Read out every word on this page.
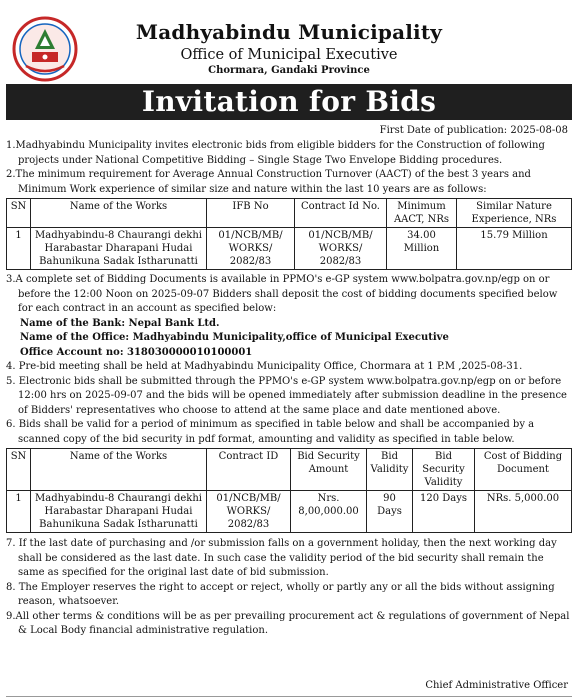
Madhyabindu Municipality
Office of Municipal Executive
Chormara, Gandaki Province
Invitation for Bids
First Date of publication: 2025-08-08

1.Madhyabindu Municipality invites electronic bids from eligible bidders for the Construction of following projects under National Competitive Bidding – Single Stage Two Envelope Bidding procedures.

2.The minimum requirement for Average Annual Construction Turnover (AACT) of the best 3 years and Minimum Work experience of similar size and nature within the last 10 years are as follows:

SN	Name of the Works	IFB No	Contract Id No.	Minimum AACT, NRs	Similar Nature Experience, NRs
1	Madhyabindu-8 Chaurangi dekhi Harabastar Dharapani Hudai Bahunikuna Sadak Istharunatti	01/NCB/MB/ WORKS/ 2082/83	01/NCB/MB/ WORKS/ 2082/83	34.00 Million	15.79 Million

3.A complete set of Bidding Documents is available in PPMO's e-GP system www.bolpatra.gov.np/egp on or before the 12:00 Noon on 2025-09-07 Bidders shall deposit the cost of bidding documents specified below for each contract in an account as specified below:

Name of the Bank: Nepal Bank Ltd.

Name of the Office: Madhyabindu Municipality,office of Municipal Executive

Office Account no: 318030000010100001

4. Pre-bid meeting shall be held at Madhyabindu Municipality Office, Chormara at 1 P.M ,2025-08-31.

5. Electronic bids shall be submitted through the PPMO's e-GP system www.bolpatra.gov.np/egp on or before 12:00 hrs on 2025-09-07 and the bids will be opened immediately after submission deadline in the presence of Bidders' representatives who choose to attend at the same place and date mentioned above.

6. Bids shall be valid for a period of minimum as specified in table below and shall be accompanied by a scanned copy of the bid security in pdf format, amounting and validity as specified in table below.

SN	Name of the Works	Contract ID	Bid Security Amount	Bid Validity	Bid Security Validity	Cost of Bidding Document
1	Madhyabindu-8 Chaurangi dekhi Harabastar Dharapani Hudai Bahunikuna Sadak Istharunatti	01/NCB/MB/ WORKS/ 2082/83	Nrs. 8,00,000.00	90 Days	120 Days	NRs. 5,000.00

7. If the last date of purchasing and /or submission falls on a government holiday, then the next working day shall be considered as the last date. In such case the validity period of the bid security shall remain the same as specified for the original last date of bid submission.

8. The Employer reserves the right to accept or reject, wholly or partly any or all the bids without assigning reason, whatsoever.

9.All other terms & conditions will be as per prevailing procurement act & regulations of government of Nepal & Local Body financial administrative regulation.

Chief Administrative Officer
